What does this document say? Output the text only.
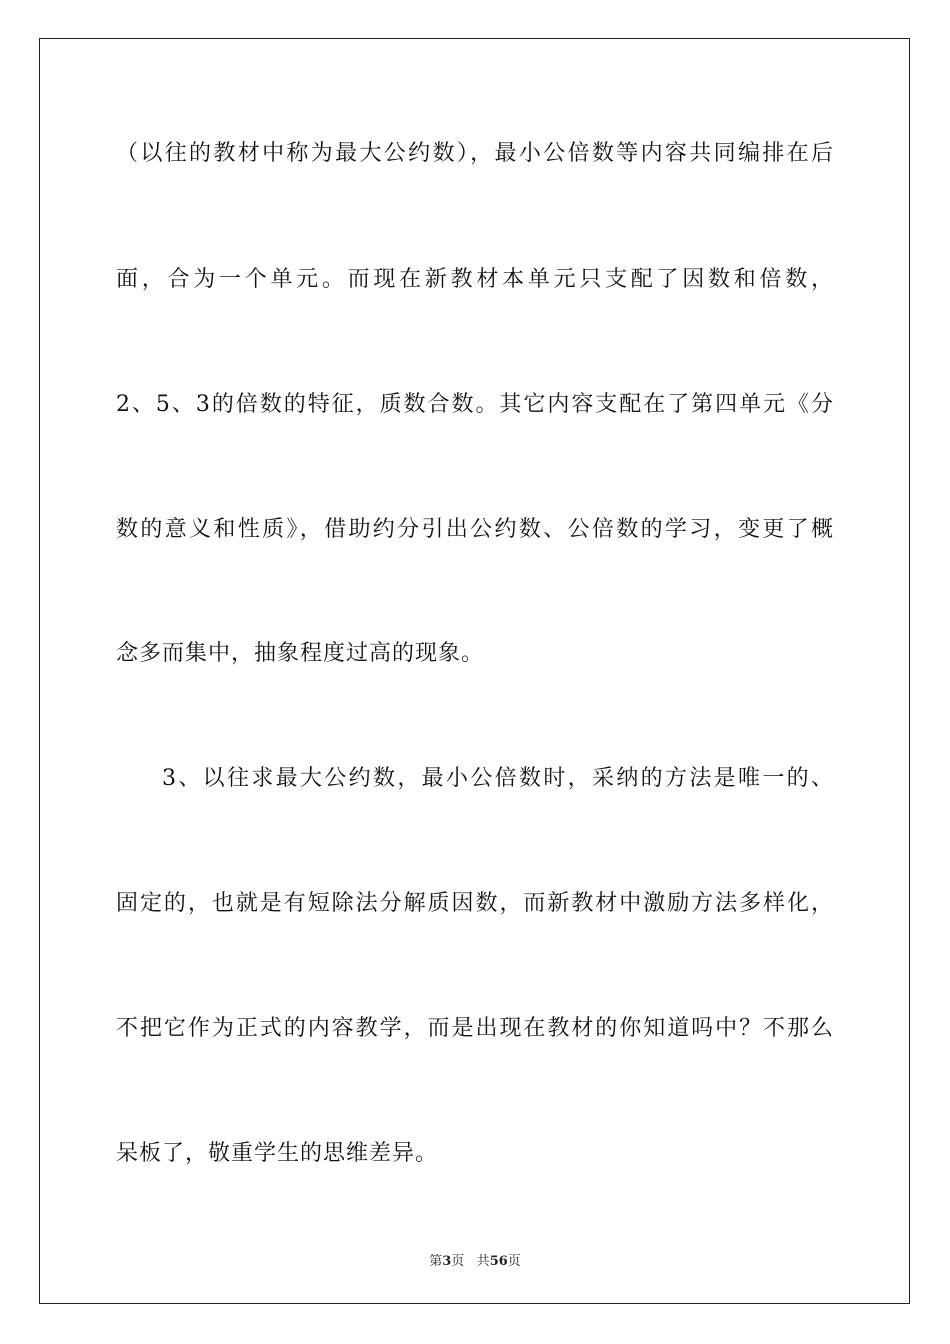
（以往的教材中称为最大公约数），最小公倍数等内容共同编排在后
面，合为一个单元。而现在新教材本单元只支配了因数和倍数，
2、5、3的倍数的特征，质数合数。其它内容支配在了第四单元《分
数的意义和性质》，借助约分引出公约数、公倍数的学习，变更了概
念多而集中，抽象程度过高的现象。
3、以往求最大公约数，最小公倍数时，采纳的方法是唯一的、
固定的，也就是有短除法分解质因数，而新教材中激励方法多样化，
不把它作为正式的内容教学，而是出现在教材的你知道吗中？不那么
呆板了，敬重学生的思维差异。
第3页 共56页
